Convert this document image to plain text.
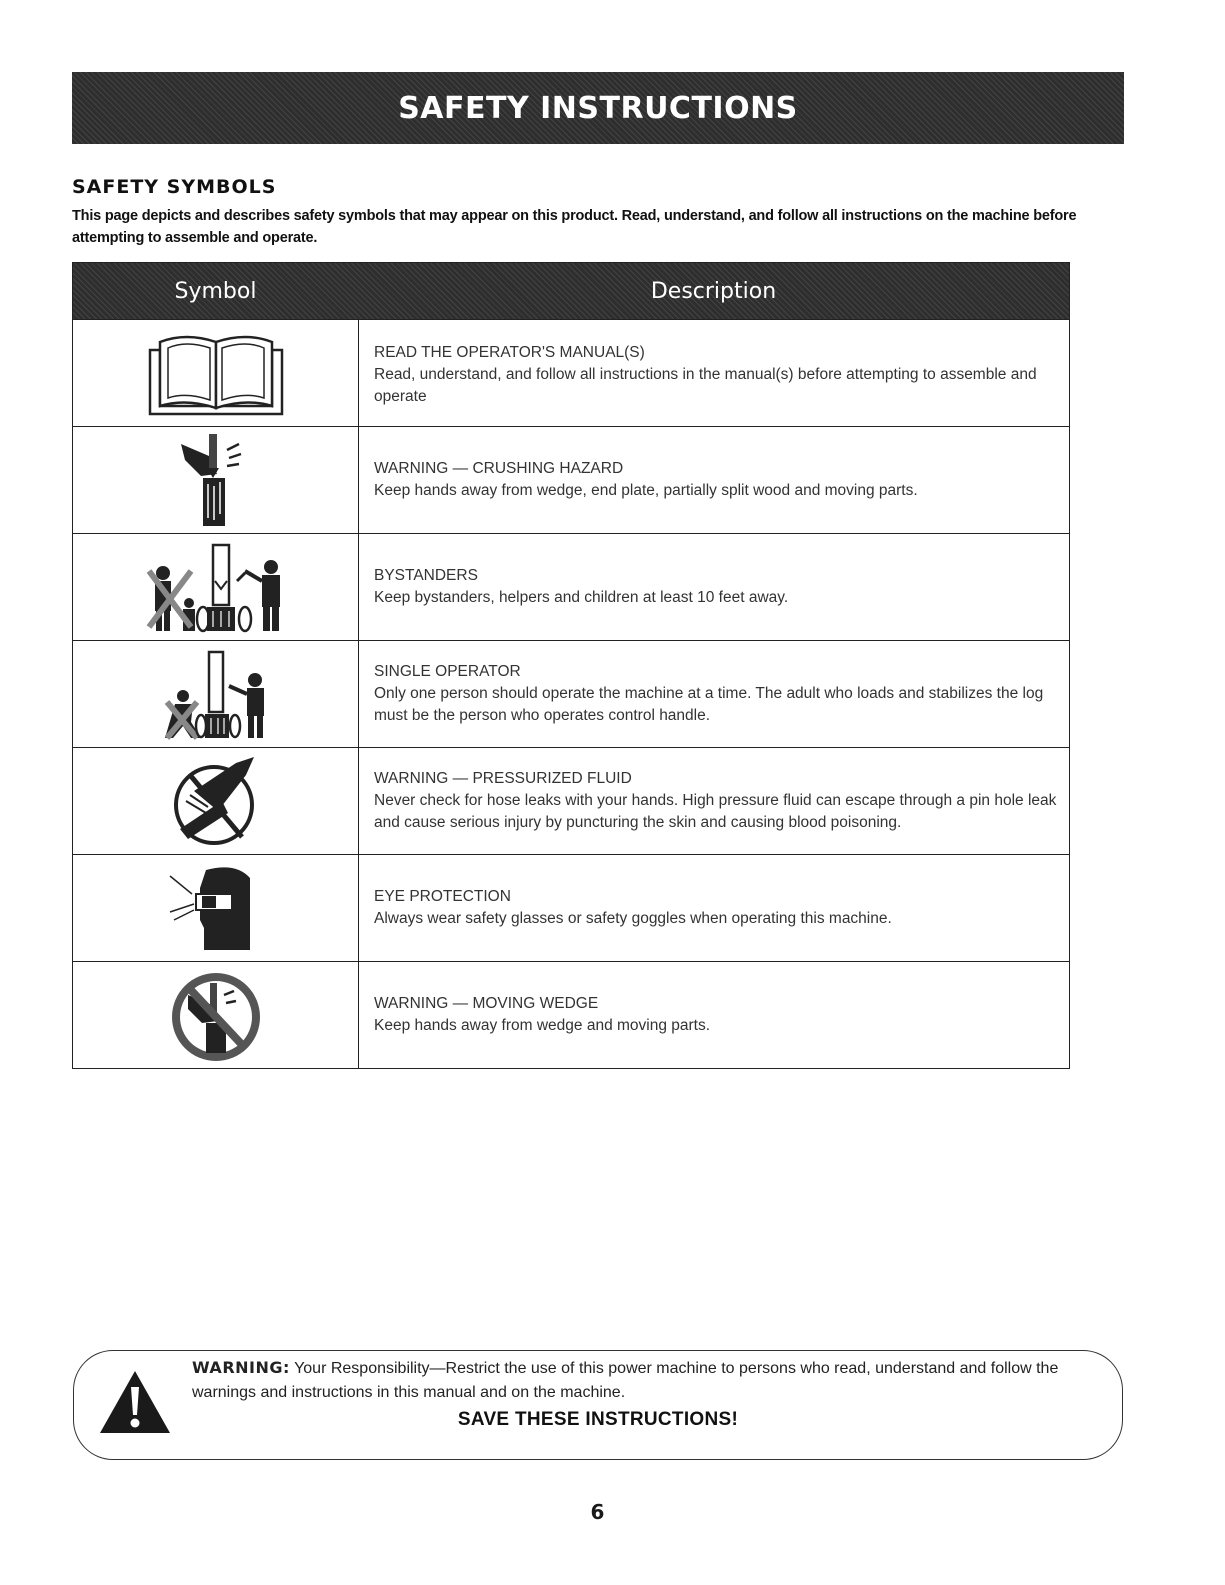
SAFETY INSTRUCTIONS
SAFETY SYMBOLS
This page depicts and describes safety symbols that may appear on this product. Read, understand, and follow all instructions on the machine before attempting to assemble and operate.
Symbol	Description
READ THE OPERATOR'S MANUAL(S)
Read, understand, and follow all instructions in the manual(s) before attempting to assemble and operate
WARNING — CRUSHING HAZARD
Keep hands away from wedge, end plate, partially split wood and moving parts.
BYSTANDERS
Keep bystanders, helpers and children at least 10 feet away.
SINGLE OPERATOR
Only one person should operate the machine at a time. The adult who loads and stabilizes the log must be the person who operates control handle.
WARNING — PRESSURIZED FLUID
Never check for hose leaks with your hands. High pressure fluid can escape through a pin hole leak and cause serious injury by puncturing the skin and causing blood poisoning.
EYE PROTECTION
Always wear safety glasses or safety goggles when operating this machine.
WARNING — MOVING WEDGE
Keep hands away from wedge and moving parts.
WARNING: Your Responsibility—Restrict the use of this power machine to persons who read, understand and follow the warnings and instructions in this manual and on the machine.
SAVE THESE INSTRUCTIONS!
6
